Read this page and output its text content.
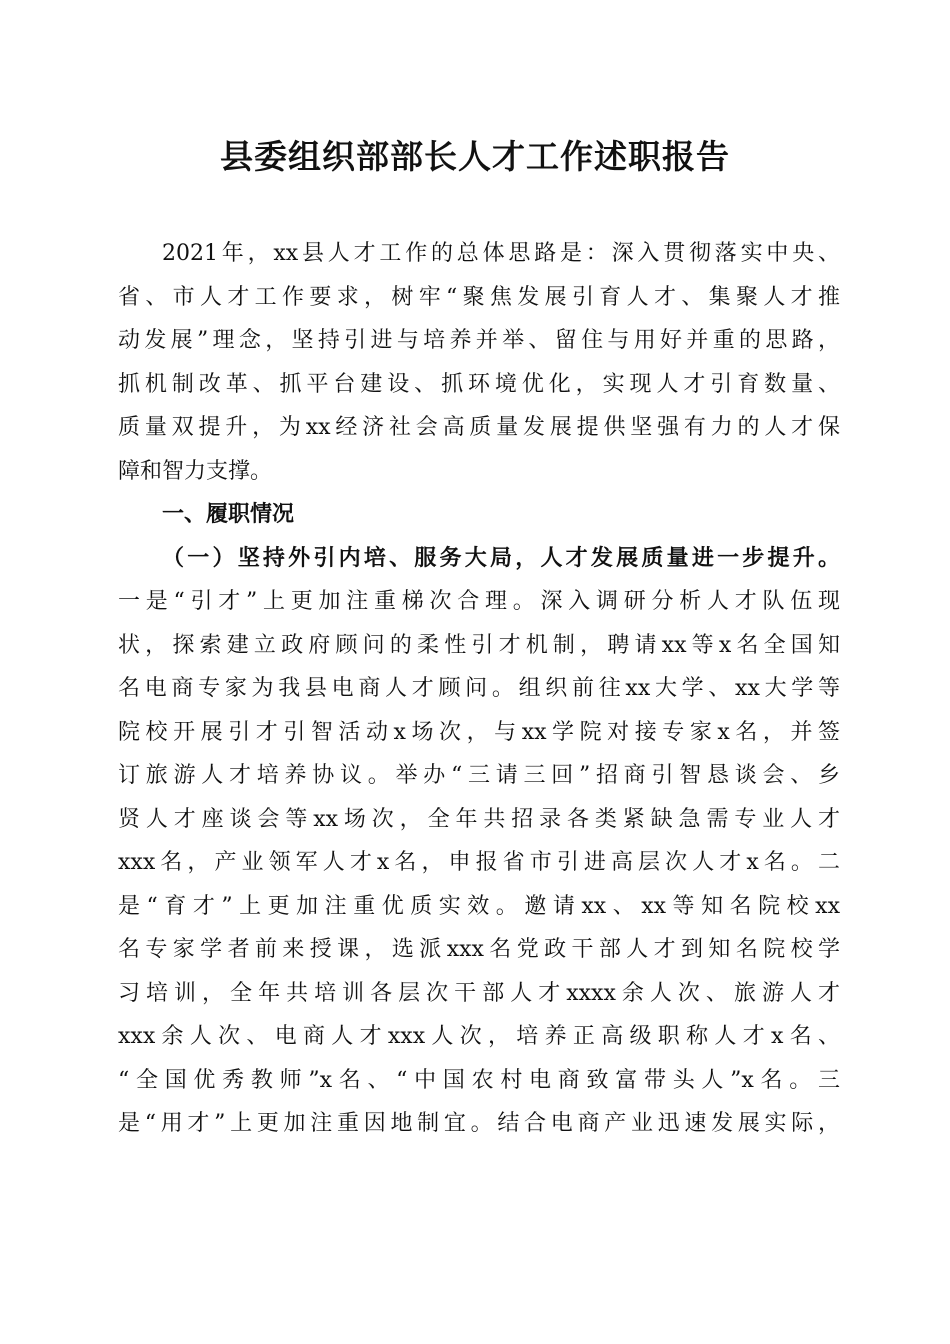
县委组织部部长人才工作述职报告
2021年，xx县人才工作的总体思路是：深入贯彻落实中央、
省、市人才工作要求，树牢“聚焦发展引育人才、集聚人才推
动发展”理念，坚持引进与培养并举、留住与用好并重的思路，
抓机制改革、抓平台建设、抓环境优化，实现人才引育数量、
质量双提升，为xx经济社会高质量发展提供坚强有力的人才保
障和智力支撑。
一、履职情况
（一）坚持外引内培、服务大局，人才发展质量进一步提升。
一是“引才”上更加注重梯次合理。深入调研分析人才队伍现
状，探索建立政府顾问的柔性引才机制，聘请xx等x名全国知
名电商专家为我县电商人才顾问。组织前往xx大学、xx大学等
院校开展引才引智活动x场次，与xx学院对接专家x名，并签
订旅游人才培养协议。举办“三请三回”招商引智恳谈会、乡
贤人才座谈会等xx场次，全年共招录各类紧缺急需专业人才
xxx名，产业领军人才x名，申报省市引进高层次人才x名。二
是“育才”上更加注重优质实效。邀请xx、xx等知名院校xx
名专家学者前来授课，选派xxx名党政干部人才到知名院校学
习培训，全年共培训各层次干部人才xxxx余人次、旅游人才
xxx余人次、电商人才xxx人次，培养正高级职称人才x名、
“全国优秀教师”x名、“中国农村电商致富带头人”x名。三
是“用才”上更加注重因地制宜。结合电商产业迅速发展实际，
